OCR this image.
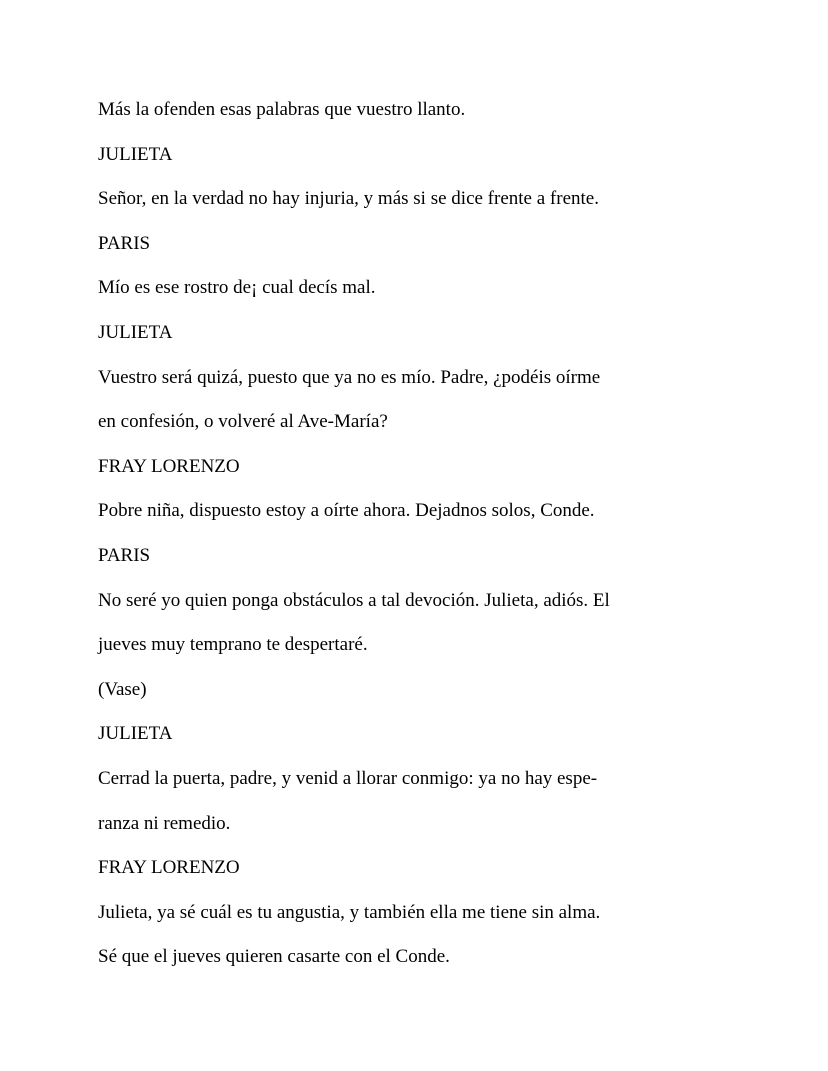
Más la ofenden esas palabras que vuestro llanto.
JULIETA
Señor, en la verdad no hay injuria, y más si se dice frente a frente.
PARIS
Mío es ese rostro de¡ cual decís mal.
JULIETA
Vuestro será quizá, puesto que ya no es mío. Padre, ¿podéis oírme
en confesión, o volveré al Ave-María?
FRAY LORENZO
Pobre niña, dispuesto estoy a oírte ahora. Dejadnos solos, Conde.
PARIS
No seré yo quien ponga obstáculos a tal devoción. Julieta, adiós. El
jueves muy temprano te despertaré.
(Vase)
JULIETA
Cerrad la puerta, padre, y venid a llorar conmigo: ya no hay espe-
ranza ni remedio.
FRAY LORENZO
Julieta, ya sé cuál es tu angustia, y también ella me tiene sin alma.
Sé que el jueves quieren casarte con el Conde.
